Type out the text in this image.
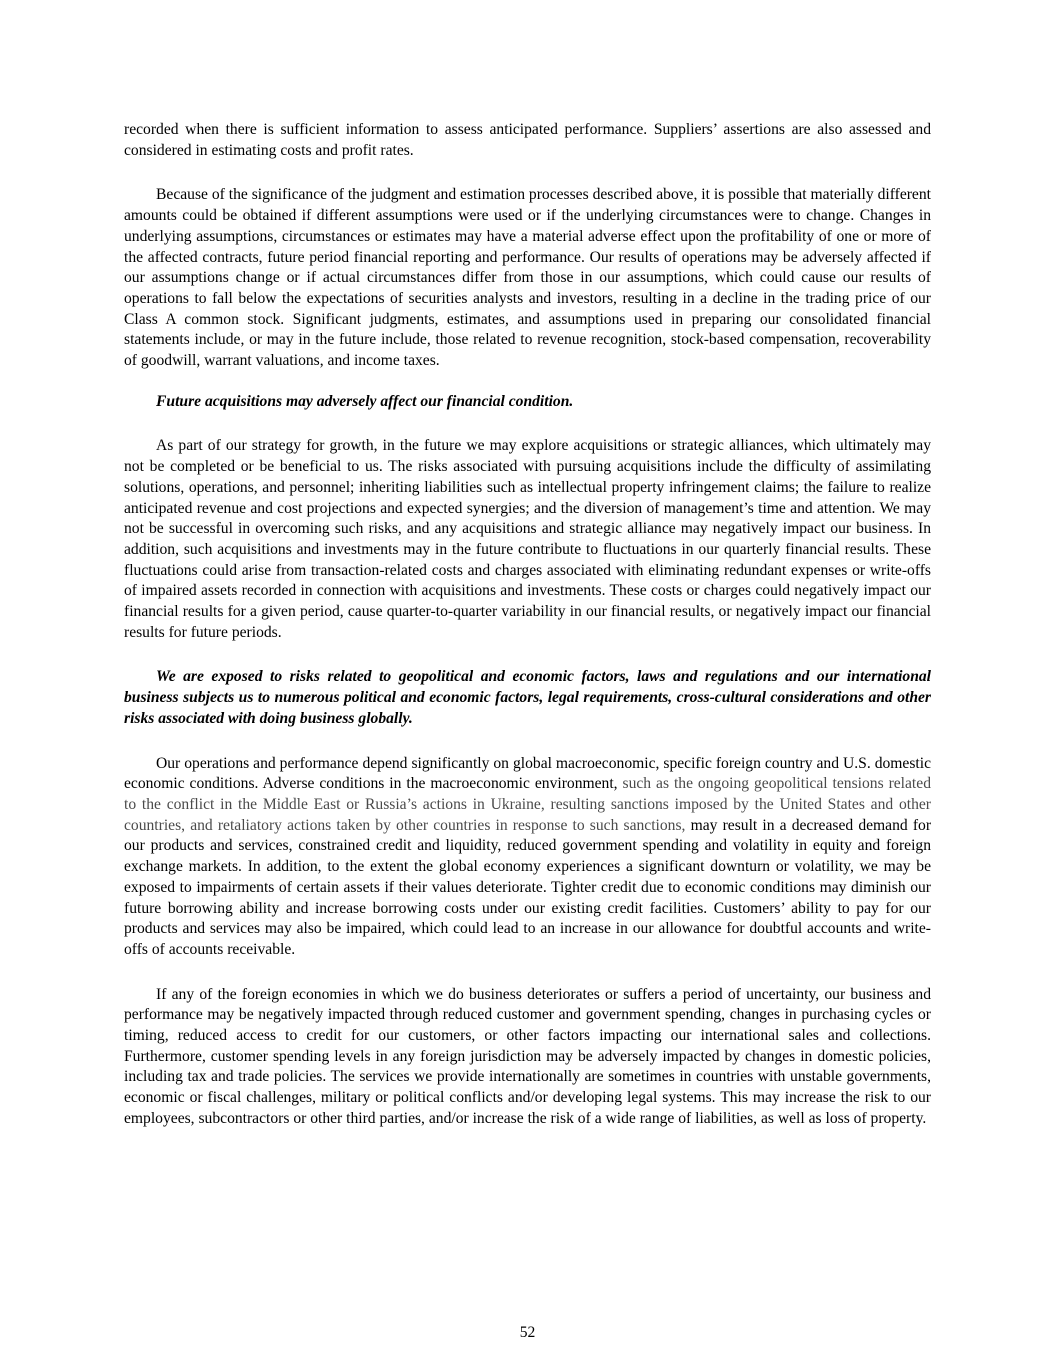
recorded when there is sufficient information to assess anticipated performance. Suppliers’ assertions are also assessed and considered in estimating costs and profit rates.

Because of the significance of the judgment and estimation processes described above, it is possible that materially different amounts could be obtained if different assumptions were used or if the underlying circumstances were to change. Changes in underlying assumptions, circumstances or estimates may have a material adverse effect upon the profitability of one or more of the affected contracts, future period financial reporting and performance. Our results of operations may be adversely affected if our assumptions change or if actual circumstances differ from those in our assumptions, which could cause our results of operations to fall below the expectations of securities analysts and investors, resulting in a decline in the trading price of our Class A common stock. Significant judgments, estimates, and assumptions used in preparing our consolidated financial statements include, or may in the future include, those related to revenue recognition, stock-based compensation, recoverability of goodwill, warrant valuations, and income taxes.

Future acquisitions may adversely affect our financial condition.

As part of our strategy for growth, in the future we may explore acquisitions or strategic alliances, which ultimately may not be completed or be beneficial to us. The risks associated with pursuing acquisitions include the difficulty of assimilating solutions, operations, and personnel; inheriting liabilities such as intellectual property infringement claims; the failure to realize anticipated revenue and cost projections and expected synergies; and the diversion of management’s time and attention. We may not be successful in overcoming such risks, and any acquisitions and strategic alliance may negatively impact our business. In addition, such acquisitions and investments may in the future contribute to fluctuations in our quarterly financial results. These fluctuations could arise from transaction-related costs and charges associated with eliminating redundant expenses or write-offs of impaired assets recorded in connection with acquisitions and investments. These costs or charges could negatively impact our financial results for a given period, cause quarter-to-quarter variability in our financial results, or negatively impact our financial results for future periods.

We are exposed to risks related to geopolitical and economic factors, laws and regulations and our international business subjects us to numerous political and economic factors, legal requirements, cross-cultural considerations and other risks associated with doing business globally.

Our operations and performance depend significantly on global macroeconomic, specific foreign country and U.S. domestic economic conditions. Adverse conditions in the macroeconomic environment, such as the ongoing geopolitical tensions related to the conflict in the Middle East or Russia’s actions in Ukraine, resulting sanctions imposed by the United States and other countries, and retaliatory actions taken by other countries in response to such sanctions, may result in a decreased demand for our products and services, constrained credit and liquidity, reduced government spending and volatility in equity and foreign exchange markets. In addition, to the extent the global economy experiences a significant downturn or volatility, we may be exposed to impairments of certain assets if their values deteriorate. Tighter credit due to economic conditions may diminish our future borrowing ability and increase borrowing costs under our existing credit facilities. Customers’ ability to pay for our products and services may also be impaired, which could lead to an increase in our allowance for doubtful accounts and write-offs of accounts receivable.

If any of the foreign economies in which we do business deteriorates or suffers a period of uncertainty, our business and performance may be negatively impacted through reduced customer and government spending, changes in purchasing cycles or timing, reduced access to credit for our customers, or other factors impacting our international sales and collections. Furthermore, customer spending levels in any foreign jurisdiction may be adversely impacted by changes in domestic policies, including tax and trade policies. The services we provide internationally are sometimes in countries with unstable governments, economic or fiscal challenges, military or political conflicts and/or developing legal systems. This may increase the risk to our employees, subcontractors or other third parties, and/or increase the risk of a wide range of liabilities, as well as loss of property.

52
